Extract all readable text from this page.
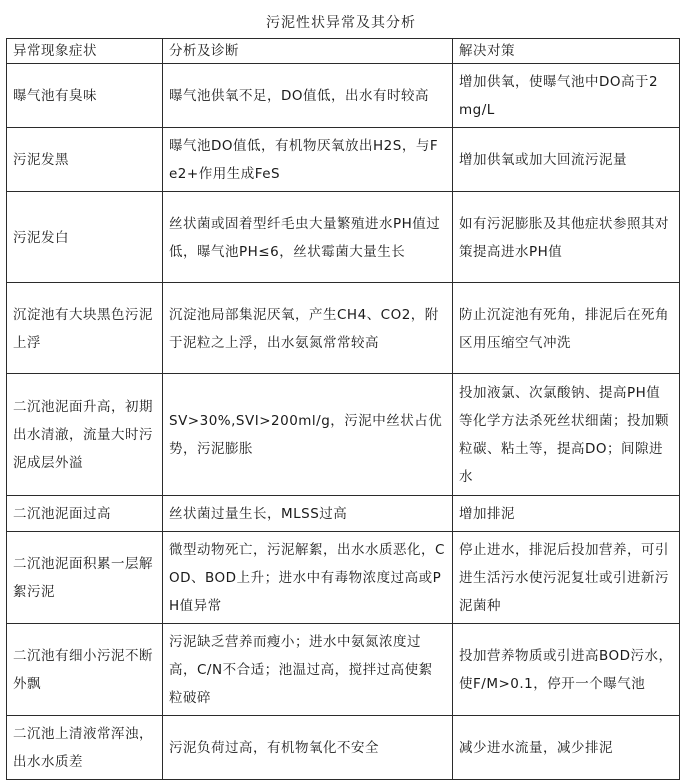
污泥性状异常及其分析
异常现象症状	分析及诊断	解决对策
曝气池有臭味	曝气池供氧不足，DO值低，出水有时较高	增加供氧，使曝气池中DO高于2 mg/L
污泥发黑	曝气池DO值低，有机物厌氧放出H2S，与Fe2+作用生成FeS	增加供氧或加大回流污泥量
污泥发白	丝状菌或固着型纤毛虫大量繁殖进水PH值过低，曝气池PH≤6，丝状霉菌大量生长	如有污泥膨胀及其他症状参照其对策提高进水PH值
沉淀池有大块黑色污泥上浮	沉淀池局部集泥厌氧，产生CH4、CO2，附于泥粒之上浮，出水氨氮常常较高	防止沉淀池有死角，排泥后在死角区用压缩空气冲洗
二沉池泥面升高，初期出水清澈，流量大时污泥成层外溢	SV>30%,SVI>200ml/g，污泥中丝状占优势，污泥膨胀	投加液氯、次氯酸钠、提高PH值等化学方法杀死丝状细菌；投加颗粒碳、粘土等，提高DO；间隙进水
二沉池泥面过高	丝状菌过量生长，MLSS过高	增加排泥
二沉池泥面积累一层解絮污泥	微型动物死亡，污泥解絮，出水水质恶化，COD、BOD上升；进水中有毒物浓度过高或PH值异常	停止进水，排泥后投加营养，可引进生活污水使污泥复壮或引进新污泥菌种
二沉池有细小污泥不断外飘	污泥缺乏营养而瘦小；进水中氨氮浓度过高，C/N不合适；池温过高，搅拌过高使絮粒破碎	投加营养物质或引进高BOD污水，使F/M>0.1，停开一个曝气池
二沉池上清液常浑浊，出水水质差	污泥负荷过高，有机物氧化不安全	减少进水流量，减少排泥
